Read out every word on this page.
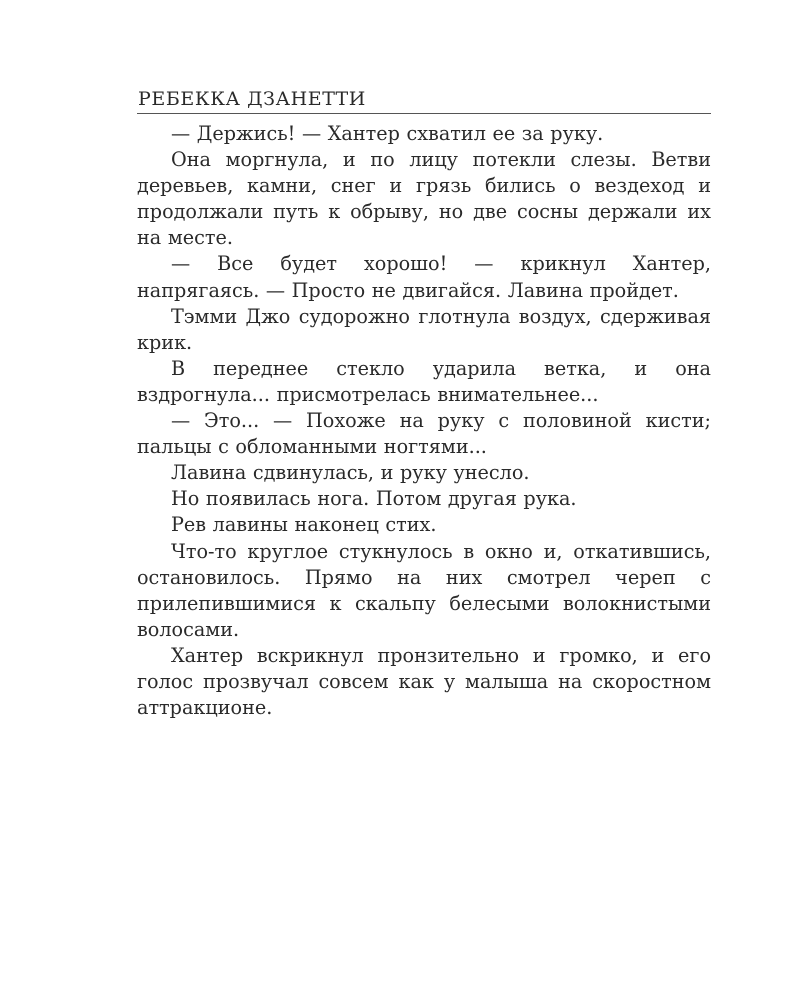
РЕБЕККА ДЗАНЕТТИ

— Держись! — Хантер схватил ее за руку.

Она моргнула, и по лицу потекли слезы. Ветви деревьев, камни, снег и грязь бились о вездеход и продолжали путь к обрыву, но две сосны держали их на месте.

— Все будет хорошо! — крикнул Хантер, напрягаясь. — Просто не двигайся. Лавина пройдет.

Тэмми Джо судорожно глотнула воздух, сдерживая крик.

В переднее стекло ударила ветка, и она вздрогнула... присмотрелась внимательнее...

— Это... — Похоже на руку с половиной кисти; пальцы с обломанными ногтями...

Лавина сдвинулась, и руку унесло.

Но появилась нога. Потом другая рука.

Рев лавины наконец стих.

Что-то круглое стукнулось в окно и, откатившись, остановилось. Прямо на них смотрел череп с прилепившимися к скальпу белесыми волокнистыми волосами.

Хантер вскрикнул пронзительно и громко, и его голос прозвучал совсем как у малыша на скоростном аттракционе.
